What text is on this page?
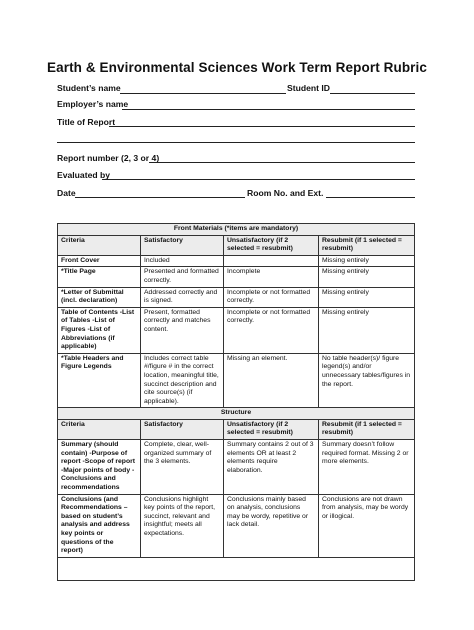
Earth & Environmental Sciences Work Term Report Rubric
Student’s name	Student ID
Employer’s name
Title of Report
Report number (2, 3 or 4)
Evaluated by
Date	Room No. and Ext.
Front Materials (*items are mandatory)			
Criteria	Satisfactory	Unsatisfactory (if 2 selected = resubmit)	Resubmit (if 1 selected = resubmit)
Front Cover	Included		Missing entirely
*Title Page	Presented and formatted correctly.	Incomplete	Missing entirely
*Letter of Submittal (incl. declaration)	Addressed correctly and is signed.	Incomplete or not formatted correctly.	Missing entirely
Table of Contents -List of Tables -List of Figures -List of Abbreviations (if applicable)	Present, formatted correctly and matches content.	Incomplete or not formatted correctly.	Missing entirely
*Table Headers and Figure Legends	Includes correct table #/figure # in the correct location, meaningful title, succinct description and cite source(s) (if applicable).	Missing an element.	No table header(s)/ figure legend(s) and/or unnecessary tables/figures in the report.
Structure			
Criteria	Satisfactory	Unsatisfactory (if 2 selected = resubmit)	Resubmit (if 1 selected = resubmit)
Summary (should contain) -Purpose of report -Scope of report -Major points of body -Conclusions and recommendations	Complete, clear, well-organized summary of the 3 elements.	Summary contains 2 out of 3 elements OR at least 2 elements require elaboration.	Summary doesn’t follow required format. Missing 2 or more elements.
Conclusions (and Recommendations – based on student’s analysis and address key points or questions of the report)	Conclusions highlight key points of the report, succinct, relevant and insightful; meets all expectations.	Conclusions mainly based on analysis, conclusions may be wordy, repetitive or lack detail.	Conclusions are not drawn from analysis, may be wordy or illogical.
